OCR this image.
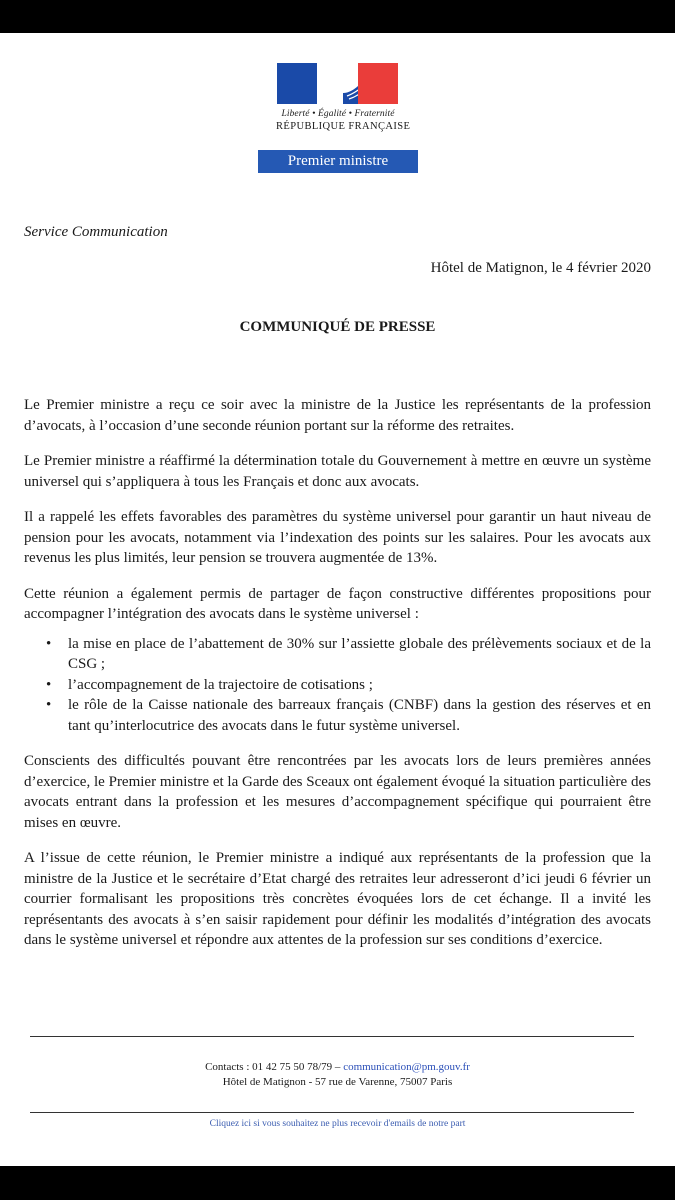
Liberté • Égalité • Fraternité
RÉPUBLIQUE FRANÇAISE
Premier ministre
Service Communication
Hôtel de Matignon, le 4 février 2020
COMMUNIQUÉ DE PRESSE

Le Premier ministre a reçu ce soir avec la ministre de la Justice les représentants de la profession d’avocats, à l’occasion d’une seconde réunion portant sur la réforme des retraites.

Le Premier ministre a réaffirmé la détermination totale du Gouvernement à mettre en œuvre un système universel qui s’appliquera à tous les Français et donc aux avocats.

Il a rappelé les effets favorables des paramètres du système universel pour garantir un haut niveau de pension pour les avocats, notamment via l’indexation des points sur les salaires. Pour les avocats aux revenus les plus limités, leur pension se trouvera augmentée de 13%.

Cette réunion a également permis de partager de façon constructive différentes propositions pour accompagner l’intégration des avocats dans le système universel :

• la mise en place de l’abattement de 30% sur l’assiette globale des prélèvements sociaux et de la CSG ;
• l’accompagnement de la trajectoire de cotisations ;
• le rôle de la Caisse nationale des barreaux français (CNBF) dans la gestion des réserves et en tant qu’interlocutrice des avocats dans le futur système universel.

Conscients des difficultés pouvant être rencontrées par les avocats lors de leurs premières années d’exercice, le Premier ministre et la Garde des Sceaux ont également évoqué la situation particulière des avocats entrant dans la profession et les mesures d’accompagnement spécifique qui pourraient être mises en œuvre.

A l’issue de cette réunion, le Premier ministre a indiqué aux représentants de la profession que la ministre de la Justice et le secrétaire d’Etat chargé des retraites leur adresseront d’ici jeudi 6 février un courrier formalisant les propositions très concrètes évoquées lors de cet échange. Il a invité les représentants des avocats à s’en saisir rapidement pour définir les modalités d’intégration des avocats dans le système universel et répondre aux attentes de la profession sur ses conditions d’exercice.

Contacts : 01 42 75 50 78/79 – communication@pm.gouv.fr
Hôtel de Matignon - 57 rue de Varenne, 75007 Paris
Cliquez ici si vous souhaitez ne plus recevoir d'emails de notre part
